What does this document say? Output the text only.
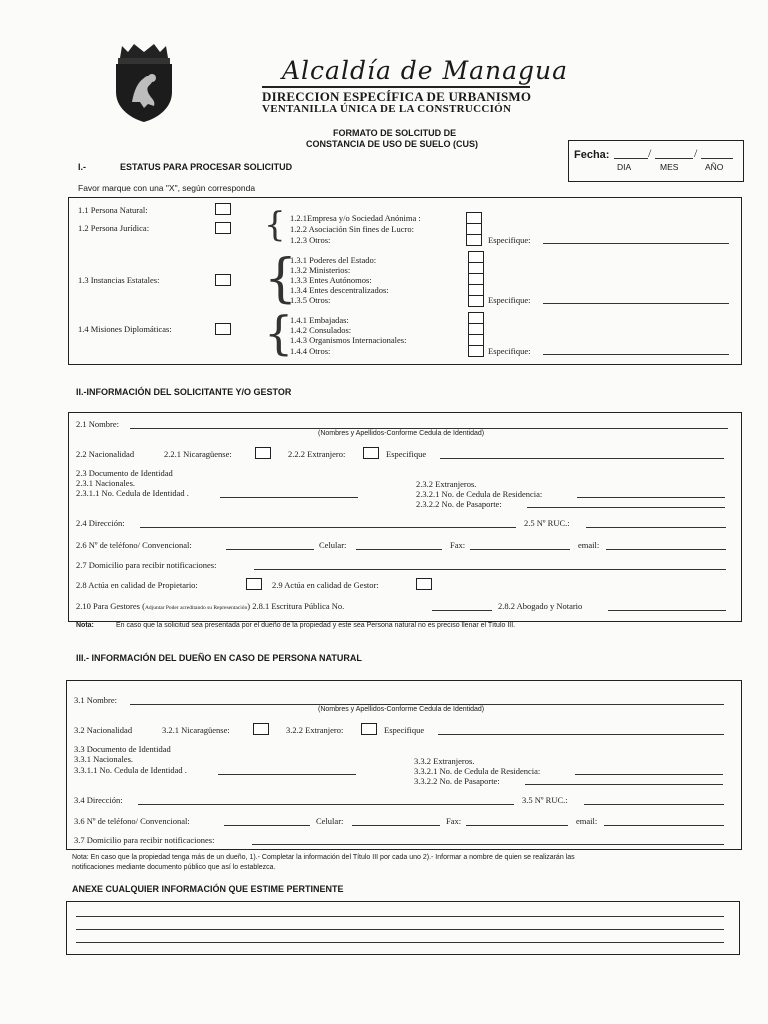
Alcaldía de Managua
DIRECCION ESPECÍFICA DE URBANISMO
VENTANILLA ÚNICA DE LA CONSTRUCCIÓN
FORMATO DE SOLCITUD DE
CONSTANCIA DE USO DE SUELO (CUS)
Fecha:	/	/
DIA	MES	AÑO
I.-	ESTATUS PARA PROCESAR SOLICITUD
Favor marque con una "X", según corresponda
1.1 Persona Natural:
1.2 Persona Jurídica:	{ 1.2.1Empresa y/o Sociedad Anónima :
1.2.2 Asociación Sin fines de Lucro:
1.2.3 Otros:	Especifique:
1.3 Instancias Estatales: {
1.3.1 Poderes del Estado:
1.3.2 Ministerios:
1.3.3 Entes Autónomos:
1.3.4 Entes descentralizados:
1.3.5 Otros:	Especifique:
1.4 Misiones Diplomáticas: {
1.4.1 Embajadas:
1.4.2 Consulados:
1.4.3 Organismos Internacionales:
1.4.4 Otros:	Especifique:
II.-INFORMACIÓN DEL SOLICITANTE Y/O GESTOR
2.1 Nombre:
(Nombres y Apellidos-Conforme Cedula de Identidad)
2.2 Nacionalidad	2.2.1 Nicaragüense:	2.2.2 Extranjero:	Especifique
2.3 Documento de Identidad
2.3.1 Nacionales.
2.3.1.1 No. Cedula de Identidad .
2.3.2 Extranjeros.
2.3.2.1 No. de Cedula de Residencia:
2.3.2.2 No. de Pasaporte:
2.4 Dirección:	2.5 Nº RUC.:
2.6 Nº de teléfono/ Convencional:	Celular:	Fax:	email:
2.7 Domicilio para recibir notificaciones:
2.8 Actúa en calidad de Propietario:	2.9 Actúa en calidad de Gestor:
2.10 Para Gestores (Adjuntar Poder acreditando su Representación) 2.8.1 Escritura Pública No.	2.8.2 Abogado y Notario
Nota:	En caso que la solicitud sea presentada por el dueño de la propiedad y este sea Persona natural no es preciso llenar el Título III.
III.- INFORMACIÓN DEL DUEÑO EN CASO DE PERSONA NATURAL
3.1 Nombre:
(Nombres y Apellidos-Conforme Cedula de Identidad)
3.2 Nacionalidad	3.2.1 Nicaragüense:	3.2.2 Extranjero:	Especifique
3.3 Documento de Identidad
3.3.1 Nacionales.
3.3.1.1 No. Cedula de Identidad .
3.3.2 Extranjeros.
3.3.2.1 No. de Cedula de Residencia:
3.3.2.2 No. de Pasaporte:
3.4 Dirección:	3.5 Nº RUC.:
3.6 Nº de teléfono/ Convencional:	Celular:	Fax:	email:
3.7 Domicilio para recibir notificaciones:
Nota: En caso que la propiedad tenga más de un dueño, 1).- Completar la información del Título III por cada uno 2).- Informar a nombre de quien se realizarán las
notificaciones mediante documento público que así lo establezca.
ANEXE CUALQUIER INFORMACIÓN QUE ESTIME PERTINENTE
